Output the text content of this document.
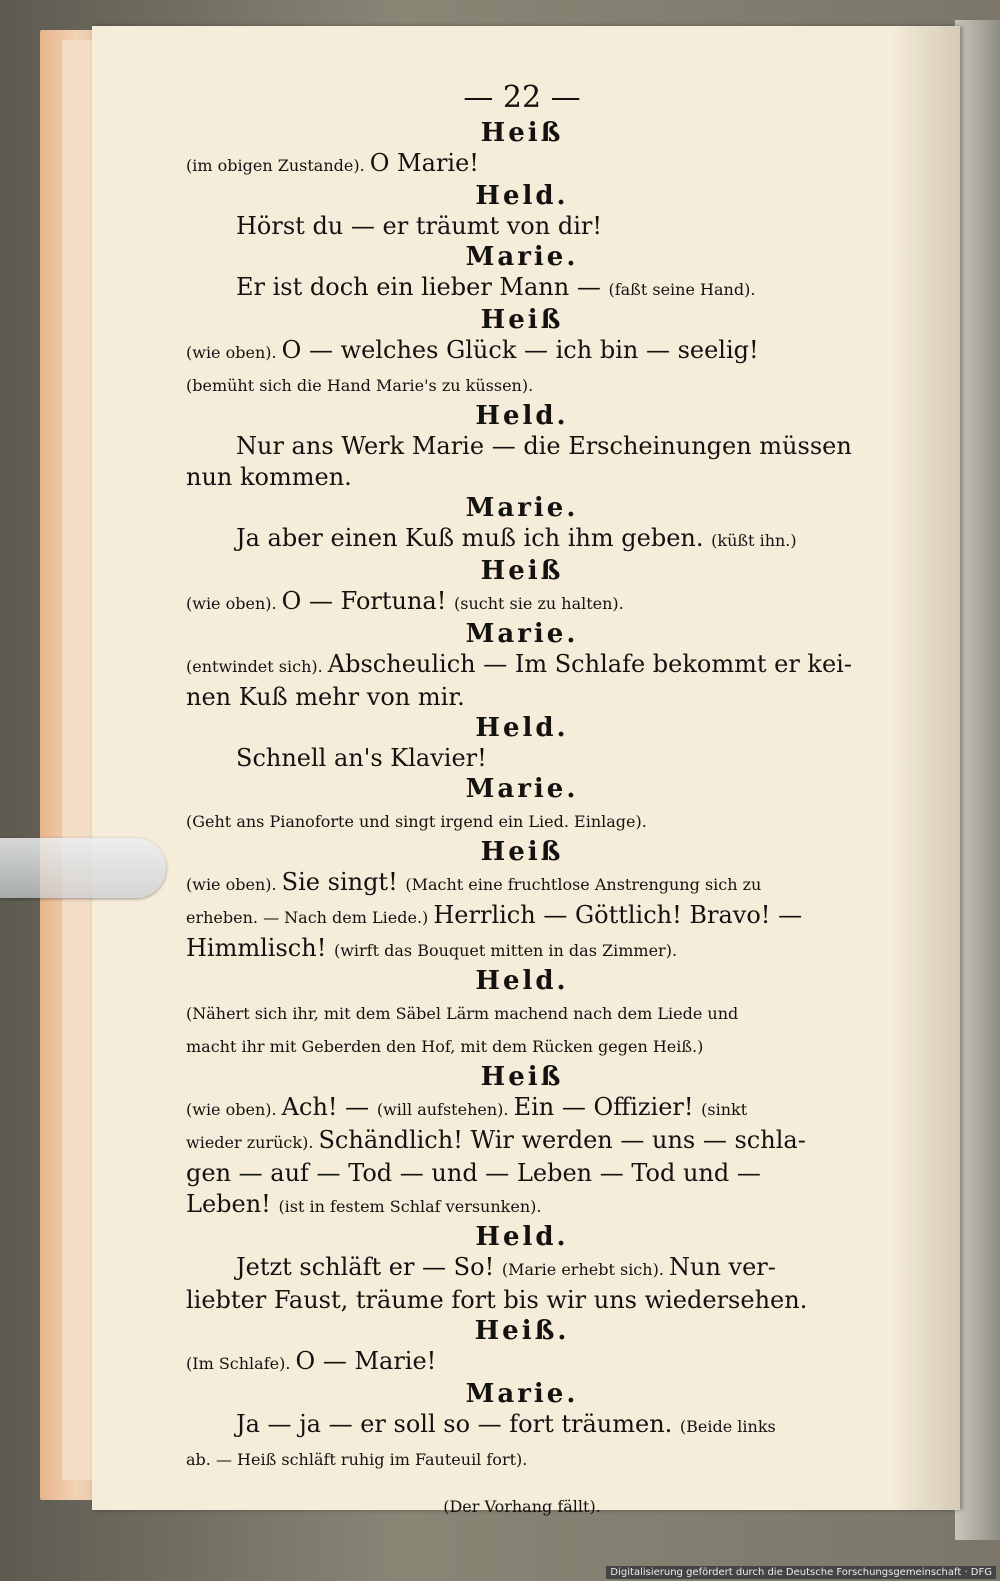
— 22 —
Heiß
(im obigen Zustande). O Marie!
Held.
Hörst du — er träumt von dir!
Marie.
Er ist doch ein lieber Mann — (faßt seine Hand).
Heiß
(wie oben). O — welches Glück — ich bin — seelig!
(bemüht sich die Hand Marie's zu küssen).
Held.
Nur ans Werk Marie — die Erscheinungen müssen
nun kommen.
Marie.
Ja aber einen Kuß muß ich ihm geben. (küßt ihn.)
Heiß
(wie oben). O — Fortuna! (sucht sie zu halten).
Marie.
(entwindet sich). Abscheulich — Im Schlafe bekommt er kei-
nen Kuß mehr von mir.
Held.
Schnell an's Klavier!
Marie.
(Geht ans Pianoforte und singt irgend ein Lied. Einlage).
Heiß
(wie oben). Sie singt! (Macht eine fruchtlose Anstrengung sich zu
erheben. — Nach dem Liede.) Herrlich — Göttlich! Bravo! —
Himmlisch! (wirft das Bouquet mitten in das Zimmer).
Held.
(Nähert sich ihr, mit dem Säbel Lärm machend nach dem Liede und
macht ihr mit Geberden den Hof, mit dem Rücken gegen Heiß.)
Heiß
(wie oben). Ach! — (will aufstehen). Ein — Offizier! (sinkt
wieder zurück). Schändlich! Wir werden — uns — schla-
gen — auf — Tod — und — Leben — Tod und —
Leben! (ist in festem Schlaf versunken).
Held.
Jetzt schläft er — So! (Marie erhebt sich). Nun ver-
liebter Faust, träume fort bis wir uns wiedersehen.
Heiß.
(Im Schlafe). O — Marie!
Marie.
Ja — ja — er soll so — fort träumen. (Beide links
ab. — Heiß schläft ruhig im Fauteuil fort).
(Der Vorhang fällt).
Digitalisierung gefördert durch die Deutsche Forschungsgemeinschaft · DFG
